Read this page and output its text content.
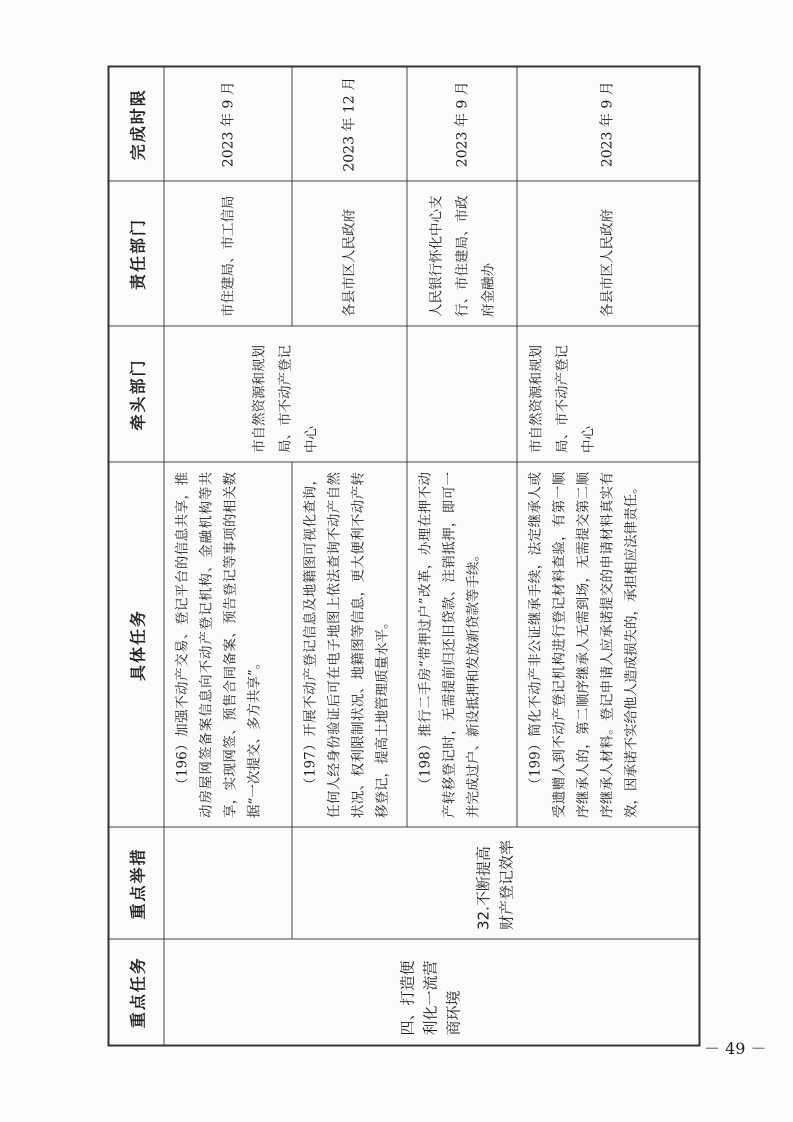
重点任务	重点举措	具体任务	牵头部门	责任部门	完成时限
四、打造便利化一流营商环境		（196）加强不动产交易、登记平台的信息共享，推动房屋网签备案信息向不动产登记机构、金融机构等共享，实现网签、预售合同备案、预告登记等事项的相关数据“一次提交、多方共享”。	市自然资源和规划局、市不动产登记中心	市住建局、市工信局	2023 年 9 月
	32.不断提高财产登记效率	（197）开展不动产登记信息及地籍图可视化查询，任何人经身份验证后可在电子地图上依法查询不动产自然状况、权利限制状况、地籍图等信息，更大便利不动产转移登记，提高土地管理质量水平。		各县市区人民政府	2023 年 12 月
		（198）推行二手房“带押过户”改革，办理在押不动产转移登记时，无需提前归还旧贷款、注销抵押，即可一并完成过户、新设抵押和发放新贷款等手续。		人民银行怀化中心支行、市住建局、市政府金融办	2023 年 9 月
		（199）简化不动产非公证继承手续，法定继承人或受遗赠人到不动产登记机构进行登记材料查验，有第一顺序继承人的，第二顺序继承人无需到场，无需提交第二顺序继承人材料。登记申请人应承诺提交的申请材料真实有效，因承诺不实给他人造成损失的，承担相应法律责任。	市自然资源和规划局、市不动产登记中心	各县市区人民政府	2023 年 9 月
－ 49 －
